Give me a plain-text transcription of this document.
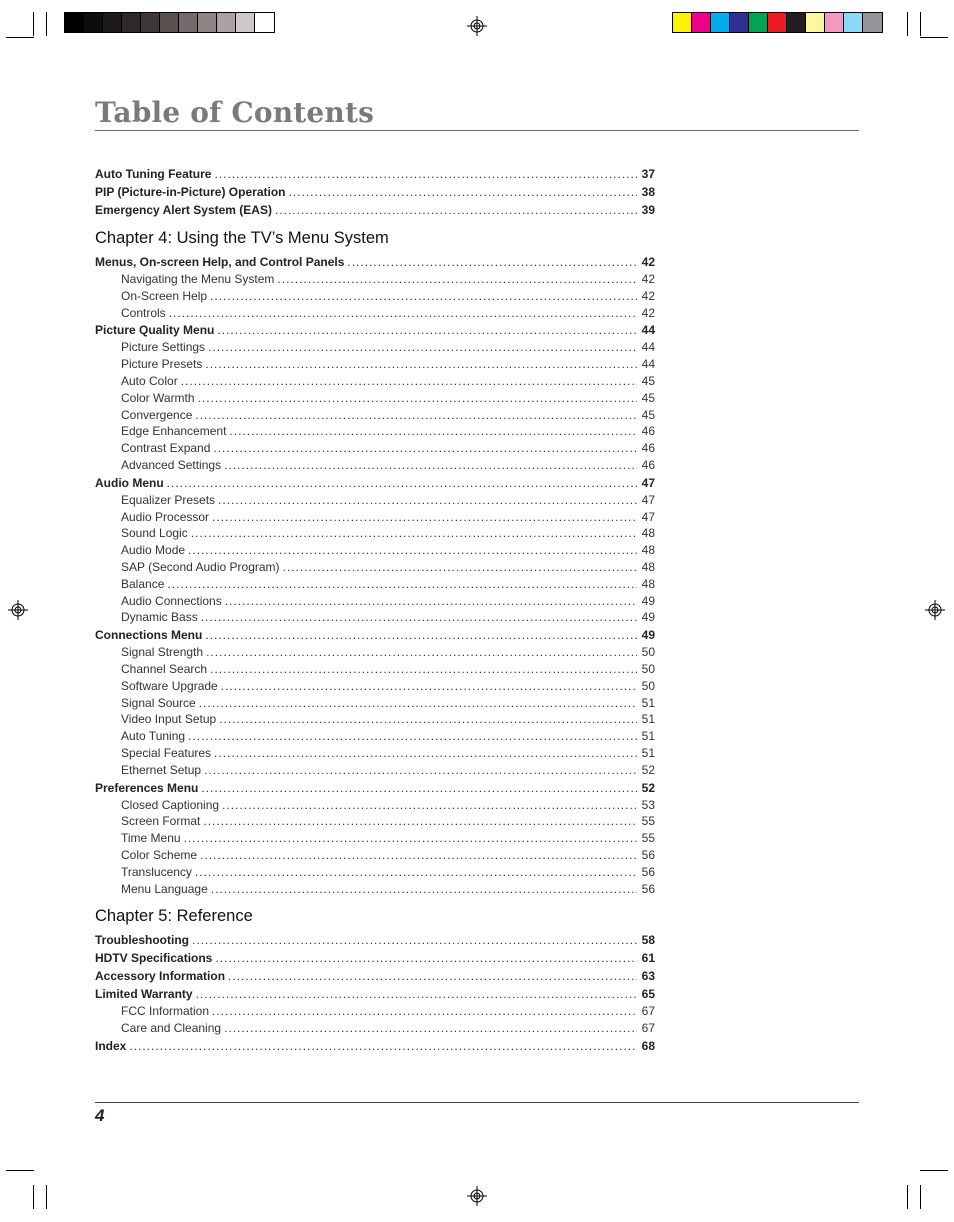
Table of Contents
Auto Tuning Feature .....	37
PIP (Picture-in-Picture) Operation .....	38
Emergency Alert System (EAS) .....	39
Chapter 4: Using the TV’s Menu System
Menus, On-screen Help, and Control Panels .....	42
Navigating the Menu System .....	42
On-Screen Help .....	42
Controls .....	42
Picture Quality Menu .....	44
Picture Settings .....	44
Picture Presets .....	44
Auto Color .....	45
Color Warmth .....	45
Convergence .....	45
Edge Enhancement .....	46
Contrast Expand .....	46
Advanced Settings .....	46
Audio Menu .....	47
Equalizer Presets .....	47
Audio Processor .....	47
Sound Logic .....	48
Audio Mode .....	48
SAP (Second Audio Program) .....	48
Balance .....	48
Audio Connections .....	49
Dynamic Bass .....	49
Connections Menu .....	49
Signal Strength .....	50
Channel Search .....	50
Software Upgrade .....	50
Signal Source .....	51
Video Input Setup .....	51
Auto Tuning .....	51
Special Features .....	51
Ethernet Setup .....	52
Preferences Menu .....	52
Closed Captioning .....	53
Screen Format .....	55
Time Menu .....	55
Color Scheme .....	56
Translucency .....	56
Menu Language .....	56
Chapter 5: Reference
Troubleshooting .....	58
HDTV Specifications .....	61
Accessory Information .....	63
Limited Warranty .....	65
FCC Information .....	67
Care and Cleaning .....	67
Index .....	68
4
